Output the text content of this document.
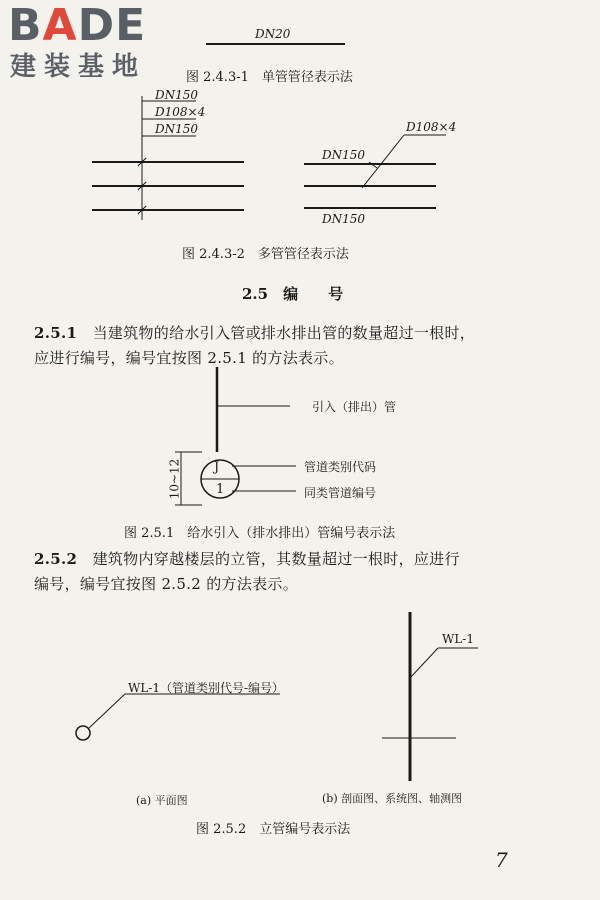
BADE
建装基地
DN20
图 2.4.3-1　单管管径表示法
DN150
D108×4
DN150	D108×4
DN150
DN150
图 2.4.3-2　多管管径表示法
2.5　编　　号
2.5.1　 当建筑物的给水引入管或排水排出管的数量超过一根时，
应进行编号，编号宜按图 2.5.1 的方法表示。
引入（排出）管
管道类别代码
同类管道编号
J
1
10~12
图 2.5.1　给水引入（排水排出）管编号表示法
2.5.2　 建筑物内穿越楼层的立管，其数量超过一根时，应进行
编号，编号宜按图 2.5.2 的方法表示。
WL-1（管道类别代号-编号）
WL-1
(a) 平面图	(b) 剖面图、系统图、轴测图
图 2.5.2　立管编号表示法
7
